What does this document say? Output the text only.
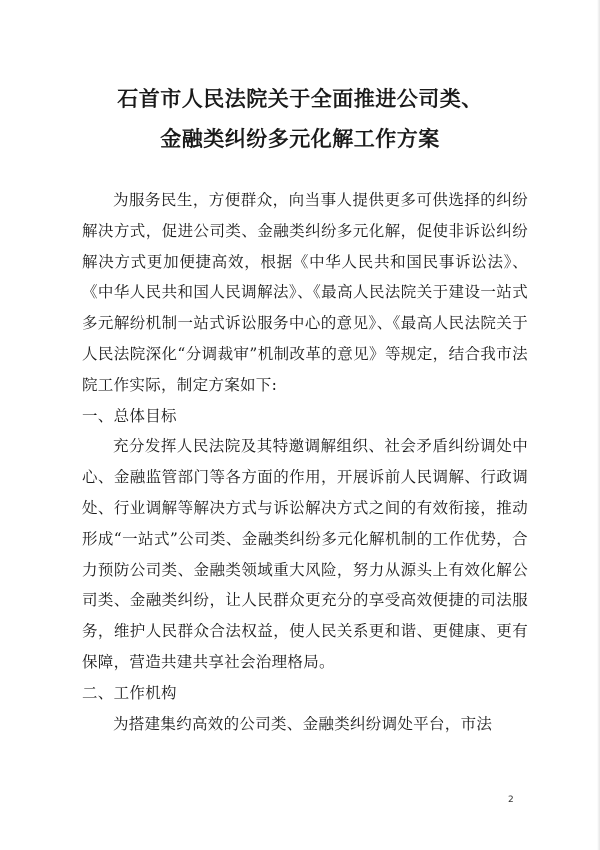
石首市人民法院关于全面推进公司类、
金融类纠纷多元化解工作方案

为服务民生，方便群众，向当事人提供更多可供选择的纠纷解决方式，促进公司类、金融类纠纷多元化解，促使非诉讼纠纷解决方式更加便捷高效，根据《中华人民共和国民事诉讼法》、《中华人民共和国人民调解法》、《最高人民法院关于建设一站式多元解纷机制一站式诉讼服务中心的意见》、《最高人民法院关于人民法院深化“分调裁审”机制改革的意见》等规定，结合我市法院工作实际，制定方案如下:

一、总体目标

充分发挥人民法院及其特邀调解组织、社会矛盾纠纷调处中心、金融监管部门等各方面的作用，开展诉前人民调解、行政调处、行业调解等解决方式与诉讼解决方式之间的有效衔接，推动形成“一站式”公司类、金融类纠纷多元化解机制的工作优势，合力预防公司类、金融类领域重大风险，努力从源头上有效化解公司类、金融类纠纷，让人民群众更充分的享受高效便捷的司法服务，维护人民群众合法权益，使人民关系更和谐、更健康、更有保障，营造共建共享社会治理格局。

二、工作机构

为搭建集约高效的公司类、金融类纠纷调处平台，市法

2
